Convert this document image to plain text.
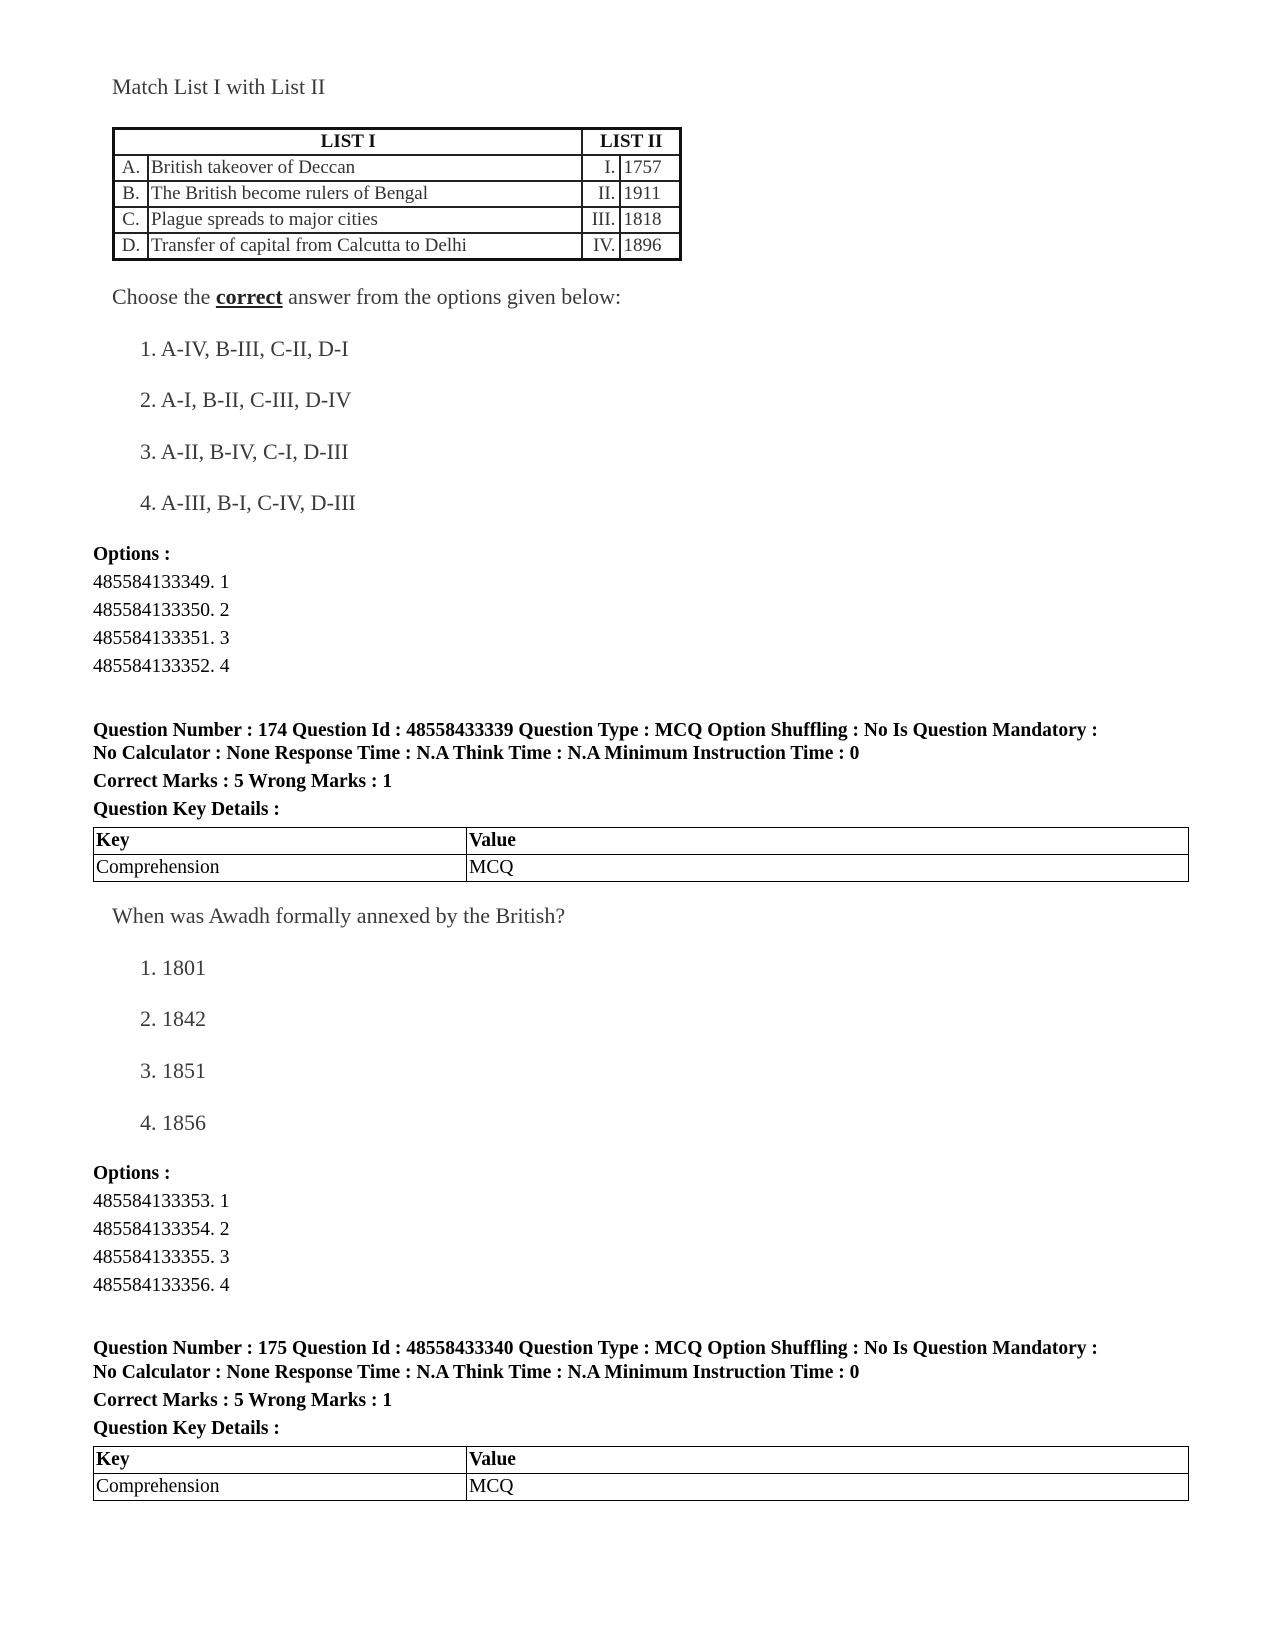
Match List I with List II
LIST I		LIST II	
A.	British takeover of Deccan	I.	1757
B.	The British become rulers of Bengal	II.	1911
C.	Plague spreads to major cities	III.	1818
D.	Transfer of capital from Calcutta to Delhi	IV.	1896
Choose the correct answer from the options given below:
1. A-IV, B-III, C-II, D-I
2. A-I, B-II, C-III, D-IV
3. A-II, B-IV, C-I, D-III
4. A-III, B-I, C-IV, D-III
Options :
485584133349. 1
485584133350. 2
485584133351. 3
485584133352. 4
Question Number : 174 Question Id : 48558433339 Question Type : MCQ Option Shuffling : No Is Question Mandatory :
No Calculator : None Response Time : N.A Think Time : N.A Minimum Instruction Time : 0
Correct Marks : 5 Wrong Marks : 1
Question Key Details :
Key	Value
Comprehension	MCQ
When was Awadh formally annexed by the British?
1. 1801
2. 1842
3. 1851
4. 1856
Options :
485584133353. 1
485584133354. 2
485584133355. 3
485584133356. 4
Question Number : 175 Question Id : 48558433340 Question Type : MCQ Option Shuffling : No Is Question Mandatory :
No Calculator : None Response Time : N.A Think Time : N.A Minimum Instruction Time : 0
Correct Marks : 5 Wrong Marks : 1
Question Key Details :
Key	Value
Comprehension	MCQ
